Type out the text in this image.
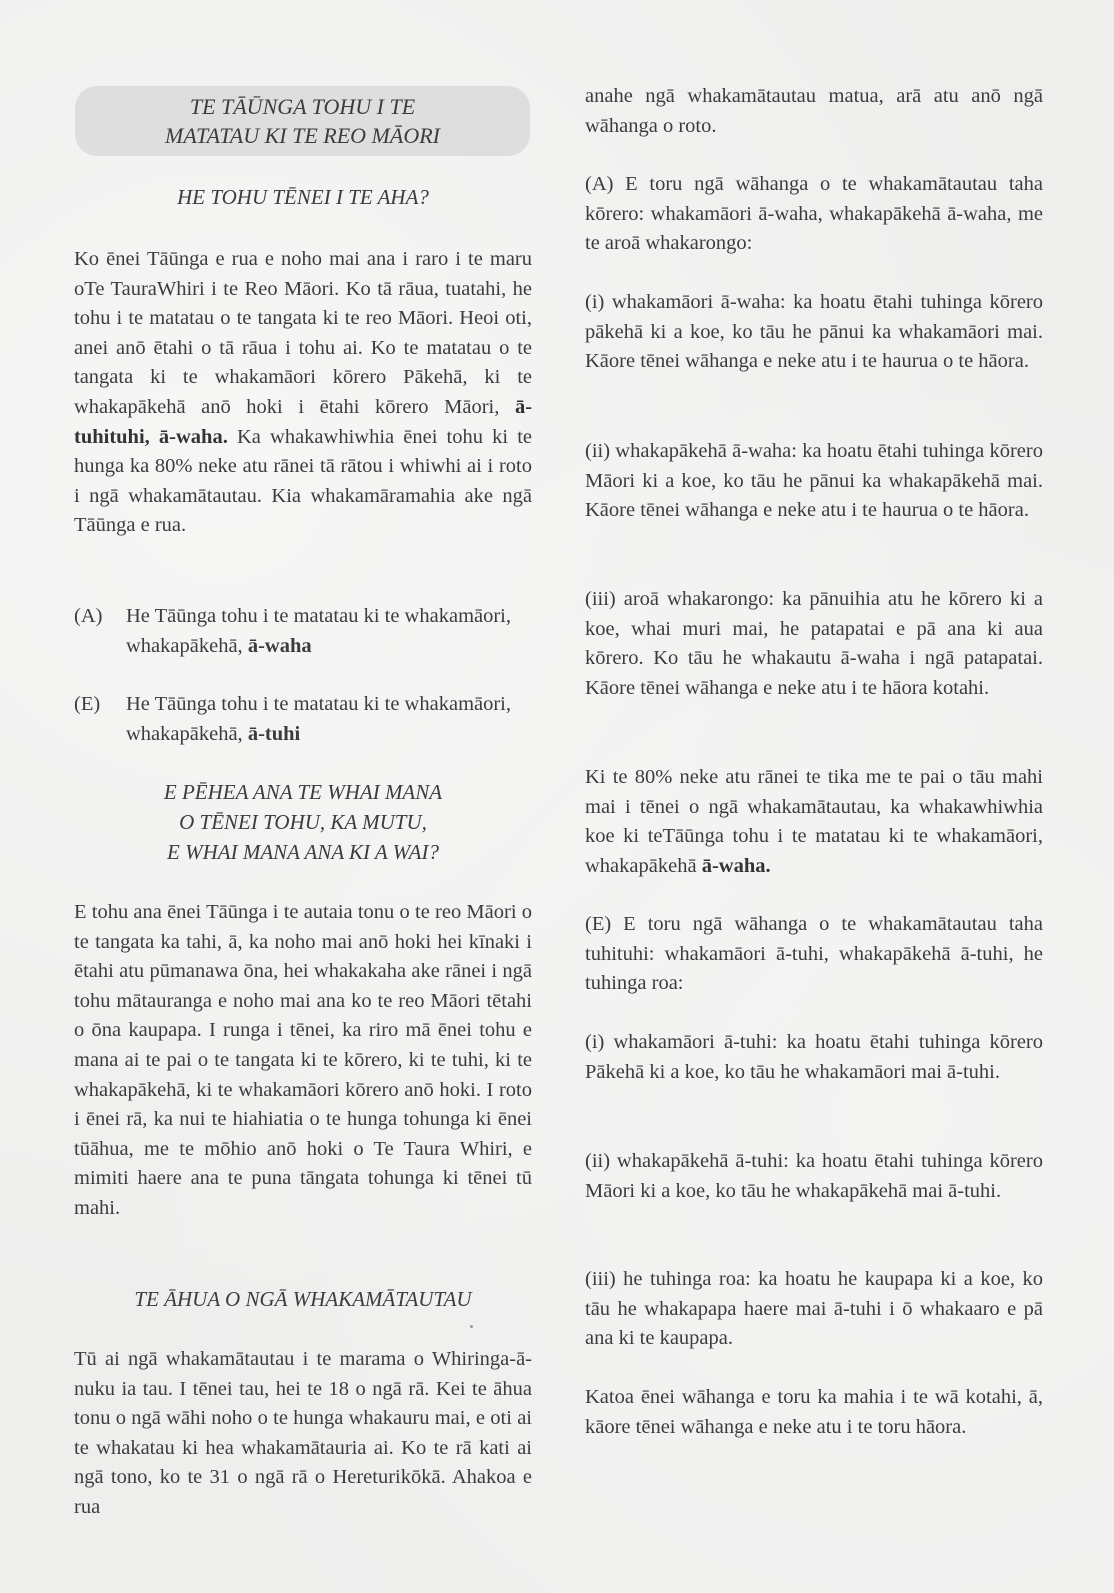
TE TĀŪNGA TOHU I TE
MATATAU KI TE REO MĀORI
HE TOHU TĒNEI I TE AHA?

Ko ēnei Tāūnga e rua e noho mai ana i raro i te maru oTe TauraWhiri i te Reo Māori. Ko tā rāua, tuatahi, he tohu i te matatau o te tangata ki te reo Māori. Heoi oti, anei anō ētahi o tā rāua i tohu ai. Ko te matatau o te tangata ki te whakamāori kōrero Pākehā, ki te whakapākehā anō hoki i ētahi kōrero Māori, ā-tuhituhi, ā-waha. Ka whakawhiwhia ēnei tohu ki te hunga ka 80% neke atu rānei tā rātou i whiwhi ai i roto i ngā whakamātautau. Kia whakamāramahia ake ngā Tāūnga e rua.

(A) He Tāūnga tohu i te matatau ki te whakamāori, whakapākehā, ā-waha
(E) He Tāūnga tohu i te matatau ki te whakamāori, whakapākehā, ā-tuhi
E PĒHEA ANA TE WHAI MANA
O TĒNEI TOHU, KA MUTU,
E WHAI MANA ANA KI A WAI?

E tohu ana ēnei Tāūnga i te autaia tonu o te reo Māori o te tangata ka tahi, ā, ka noho mai anō hoki hei kīnaki i ētahi atu pūmanawa ōna, hei whakakaha ake rānei i ngā tohu mātauranga e noho mai ana ko te reo Māori tētahi o ōna kaupapa. I runga i tēnei, ka riro mā ēnei tohu e mana ai te pai o te tangata ki te kōrero, ki te tuhi, ki te whakapākehā, ki te whakamāori kōrero anō hoki. I roto i ēnei rā, ka nui te hiahiatia o te hunga tohunga ki ēnei tūāhua, me te mōhio anō hoki o Te Taura Whiri, e mimiti haere ana te puna tāngata tohunga ki tēnei tū mahi.

TE ĀHUA O NGĀ WHAKAMĀTAUTAU

Tū ai ngā whakamātautau i te marama o Whiringa-ā-nuku ia tau. I tēnei tau, hei te 18 o ngā rā. Kei te āhua tonu o ngā wāhi noho o te hunga whakauru mai, e oti ai te whakatau ki hea whakamātauria ai. Ko te rā kati ai ngā tono, ko te 31 o ngā rā o Hereturikōkā. Ahakoa e rua

anahe ngā whakamātautau matua, arā atu anō ngā wāhanga o roto.

(A) E toru ngā wāhanga o te whakamātautau taha kōrero: whakamāori ā-waha, whakapākehā ā-waha, me te aroā whakarongo:

(i) whakamāori ā-waha: ka hoatu ētahi tuhinga kōrero pākehā ki a koe, ko tāu he pānui ka whakamāori mai. Kāore tēnei wāhanga e neke atu i te haurua o te hāora.

(ii) whakapākehā ā-waha: ka hoatu ētahi tuhinga kōrero Māori ki a koe, ko tāu he pānui ka whakapākehā mai. Kāore tēnei wāhanga e neke atu i te haurua o te hāora.

(iii) aroā whakarongo: ka pānuihia atu he kōrero ki a koe, whai muri mai, he patapatai e pā ana ki aua kōrero. Ko tāu he whakautu ā-waha i ngā patapatai. Kāore tēnei wāhanga e neke atu i te hāora kotahi.

Ki te 80% neke atu rānei te tika me te pai o tāu mahi mai i tēnei o ngā whakamātautau, ka whakawhiwhia koe ki teTāūnga tohu i te matatau ki te whakamāori, whakapākehā ā-waha.

(E) E toru ngā wāhanga o te whakamātautau taha tuhituhi: whakamāori ā-tuhi, whakapākehā ā-tuhi, he tuhinga roa:

(i) whakamāori ā-tuhi: ka hoatu ētahi tuhinga kōrero Pākehā ki a koe, ko tāu he whakamāori mai ā-tuhi.

(ii) whakapākehā ā-tuhi: ka hoatu ētahi tuhinga kōrero Māori ki a koe, ko tāu he whakapākehā mai ā-tuhi.

(iii) he tuhinga roa: ka hoatu he kaupapa ki a koe, ko tāu he whakapapa haere mai ā-tuhi i ō whakaaro e pā ana ki te kaupapa.

Katoa ēnei wāhanga e toru ka mahia i te wā kotahi, ā, kāore tēnei wāhanga e neke atu i te toru hāora.
